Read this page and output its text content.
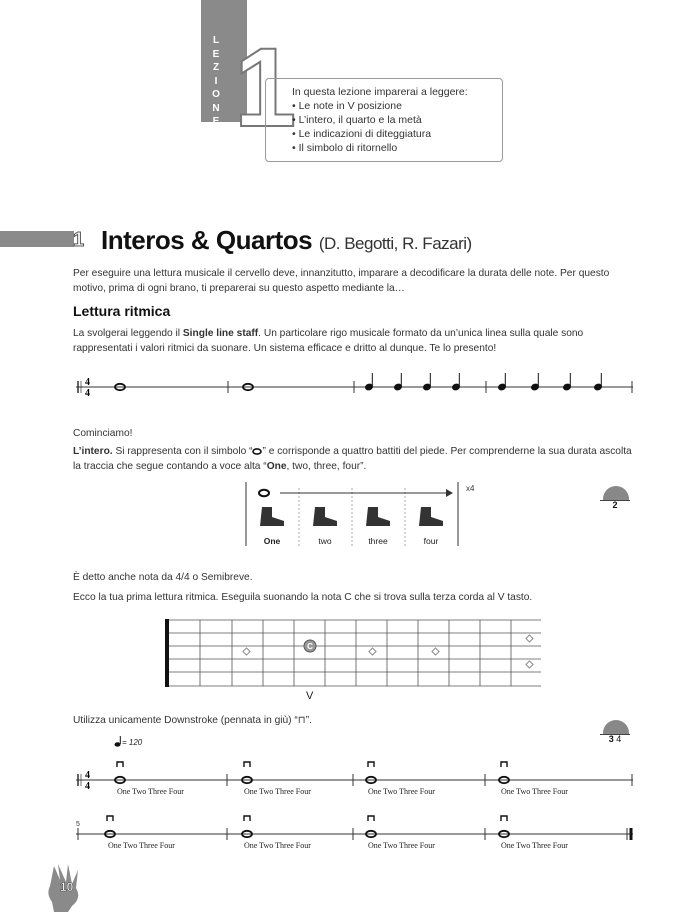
L
E
Z
I
O
N
E 1
In questa lezione imparerai a leggere:
• Le note in V posizione
• L’intero, il quarto e la metà
• Le indicazioni di diteggiatura
• Il simbolo di ritornello
1 Interos & Quartos (D. Begotti, R. Fazari)
Per eseguire una lettura musicale il cervello deve, innanzitutto, imparare a decodificare la durata delle note. Per questo motivo, prima di ogni brano, ti preparerai su questo aspetto mediante la…
Lettura ritmica
La svolgerai leggendo il Single line staff. Un particolare rigo musicale formato da un’unica linea sulla quale sono rappresentati i valori ritmici da suonare. Un sistema efficace e dritto al dunque. Te lo presento!
4
4
Cominciamo!
L’intero. Si rappresenta con il simbolo “ ” e corrisponde a quattro battiti del piede. Per comprenderne la sua durata ascolta la traccia che segue contando a voce alta “One, two, three, four”.
x4
One	two	three	four
2
È detto anche nota da 4/4 o Semibreve.
Ecco la tua prima lettura ritmica. Eseguila suonando la nota C che si trova sulla terza corda al V tasto.
C
V
Utilizza unicamente Downstroke (pennata in giù) “⊓”.
3 4
= 120
4
4	One Two Three Four	One Two Three Four	One Two Three Four	One Two Three Four
5
One Two Three Four	One Two Three Four	One Two Three Four	One Two Three Four
10
